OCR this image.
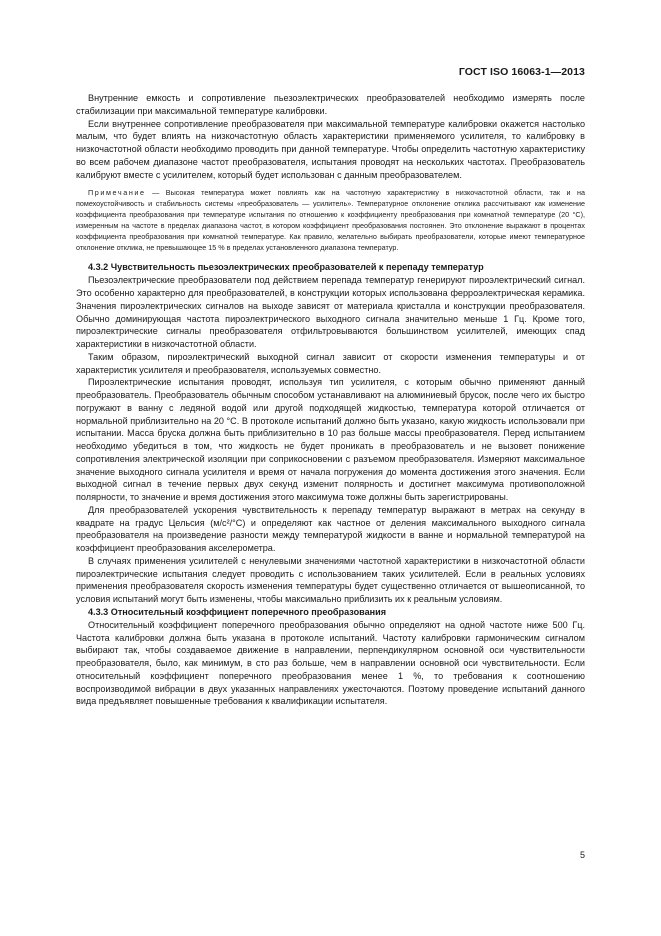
ГОСТ ISO 16063-1—2013

Внутренние емкость и сопротивление пьезоэлектрических преобразователей необходимо измерять после стабилизации при максимальной температуре калибровки.

Если внутреннее сопротивление преобразователя при максимальной температуре калибровки окажется настолько малым, что будет влиять на низкочастотную область характеристики применяемого усилителя, то калибровку в низкочастотной области необходимо проводить при данной температуре. Чтобы определить частотную характеристику во всем рабочем диапазоне частот преобразователя, испытания проводят на нескольких частотах. Преобразователь калибруют вместе с усилителем, который будет использован с данным преобразователем.

Примечание — Высокая температура может повлиять как на частотную характеристику в низкочастотной области, так и на помехоустойчивость и стабильность системы «преобразователь — усилитель». Температурное отклонение отклика рассчитывают как изменение коэффициента преобразования при температуре испытания по отношению к коэффициенту преобразования при комнатной температуре (20 °С), измеренным на частоте в пределах диапазона частот, в котором коэффициент преобразования постоянен. Это отклонение выражают в процентах коэффициента преобразования при комнатной температуре. Как правило, желательно выбирать преобразователи, которые имеют температурное отклонение отклика, не превышающее 15 % в пределах установленного диапазона температур.

4.3.2 Чувствительность пьезоэлектрических преобразователей к перепаду температур

Пьезоэлектрические преобразователи под действием перепада температур генерируют пироэлектрический сигнал. Это особенно характерно для преобразователей, в конструкции которых использована ферроэлектрическая керамика. Значения пироэлектрических сигналов на выходе зависят от материала кристалла и конструкции преобразователя. Обычно доминирующая частота пироэлектрического выходного сигнала значительно меньше 1 Гц. Кроме того, пироэлектрические сигналы преобразователя отфильтровываются большинством усилителей, имеющих спад характеристики в низкочастотной области.

Таким образом, пироэлектрический выходной сигнал зависит от скорости изменения температуры и от характеристик усилителя и преобразователя, используемых совместно.

Пироэлектрические испытания проводят, используя тип усилителя, с которым обычно применяют данный преобразователь. Преобразователь обычным способом устанавливают на алюминиевый брусок, после чего их быстро погружают в ванну с ледяной водой или другой подходящей жидкостью, температура которой отличается от нормальной приблизительно на 20 °С. В протоколе испытаний должно быть указано, какую жидкость использовали при испытании. Масса бруска должна быть приблизительно в 10 раз больше массы преобразователя. Перед испытанием необходимо убедиться в том, что жидкость не будет проникать в преобразователь и не вызовет понижение сопротивления электрической изоляции при соприкосновении с разъемом преобразователя. Измеряют максимальное значение выходного сигнала усилителя и время от начала погружения до момента достижения этого значения. Если выходной сигнал в течение первых двух секунд изменит полярность и достигнет максимума противоположной полярности, то значение и время достижения этого максимума тоже должны быть зарегистрированы.

Для преобразователей ускорения чувствительность к перепаду температур выражают в метрах на секунду в квадрате на градус Цельсия (м/с²/°С) и определяют как частное от деления максимального выходного сигнала преобразователя на произведение разности между температурой жидкости в ванне и нормальной температурой на коэффициент преобразования акселерометра.

В случаях применения усилителей с ненулевыми значениями частотной характеристики в низкочастотной области пироэлектрические испытания следует проводить с использованием таких усилителей. Если в реальных условиях применения преобразователя скорость изменения температуры будет существенно отличается от вышеописанной, то условия испытаний могут быть изменены, чтобы максимально приблизить их к реальным условиям.

4.3.3 Относительный коэффициент поперечного преобразования

Относительный коэффициент поперечного преобразования обычно определяют на одной частоте ниже 500 Гц. Частота калибровки должна быть указана в протоколе испытаний. Частоту калибровки гармоническим сигналом выбирают так, чтобы создаваемое движение в направлении, перпендикулярном основной оси чувствительности преобразователя, было, как минимум, в сто раз больше, чем в направлении основной оси чувствительности. Если относительный коэффициент поперечного преобразования менее 1 %, то требования к соотношению воспроизводимой вибрации в двух указанных направлениях ужесточаются. Поэтому проведение испытаний данного вида предъявляет повышенные требования к квалификации испытателя.

5
